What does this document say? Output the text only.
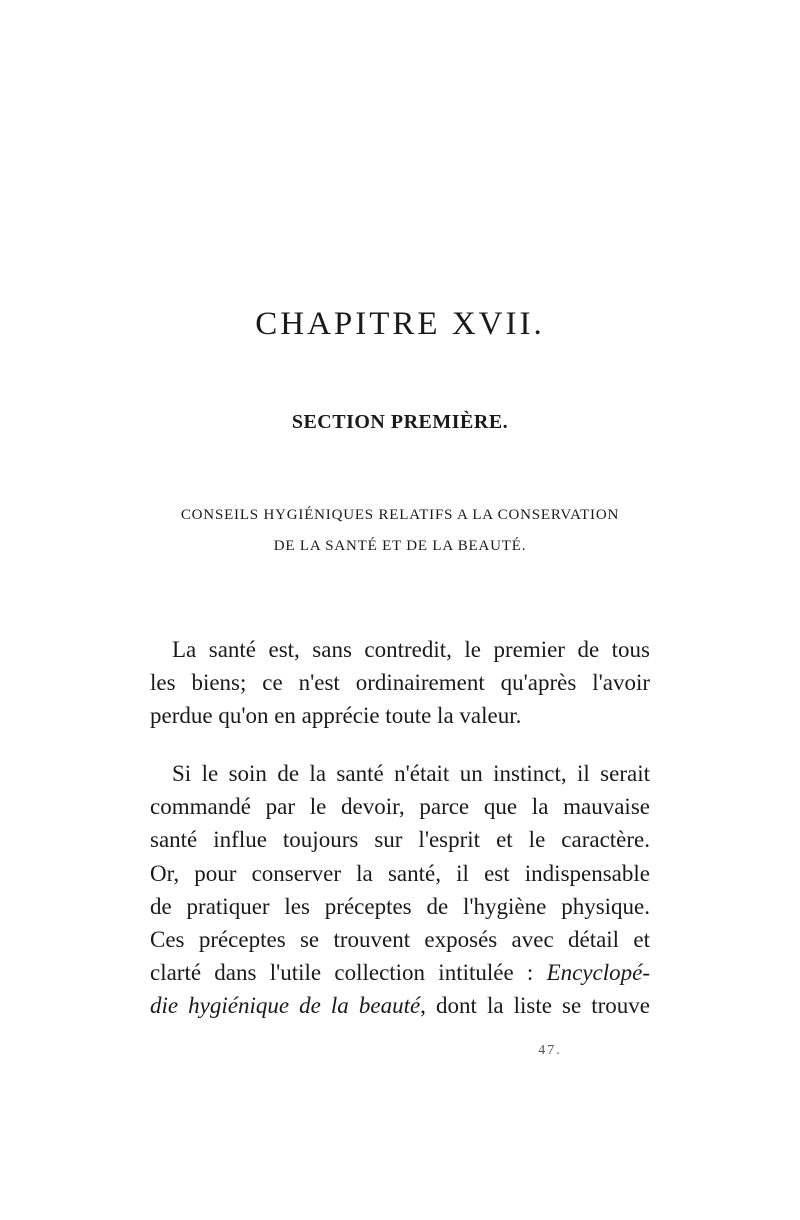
CHAPITRE XVII.
SECTION PREMIÈRE.

CONSEILS HYGIÉNIQUES RELATIFS A LA CONSERVATION

DE LA SANTÉ ET DE LA BEAUTÉ.

La santé est, sans contredit, le premier de tous
les biens; ce n'est ordinairement qu'après l'avoir
perdue qu'on en apprécie toute la valeur.
Si le soin de la santé n'était un instinct, il serait
commandé par le devoir, parce que la mauvaise
santé influe toujours sur l'esprit et le caractère.
Or, pour conserver la santé, il est indispensable
de pratiquer les préceptes de l'hygiène physique.
Ces préceptes se trouvent exposés avec détail et
clarté dans l'utile collection intitulée : Encyclopé-
die hygiénique de la beauté, dont la liste se trouve
47.
